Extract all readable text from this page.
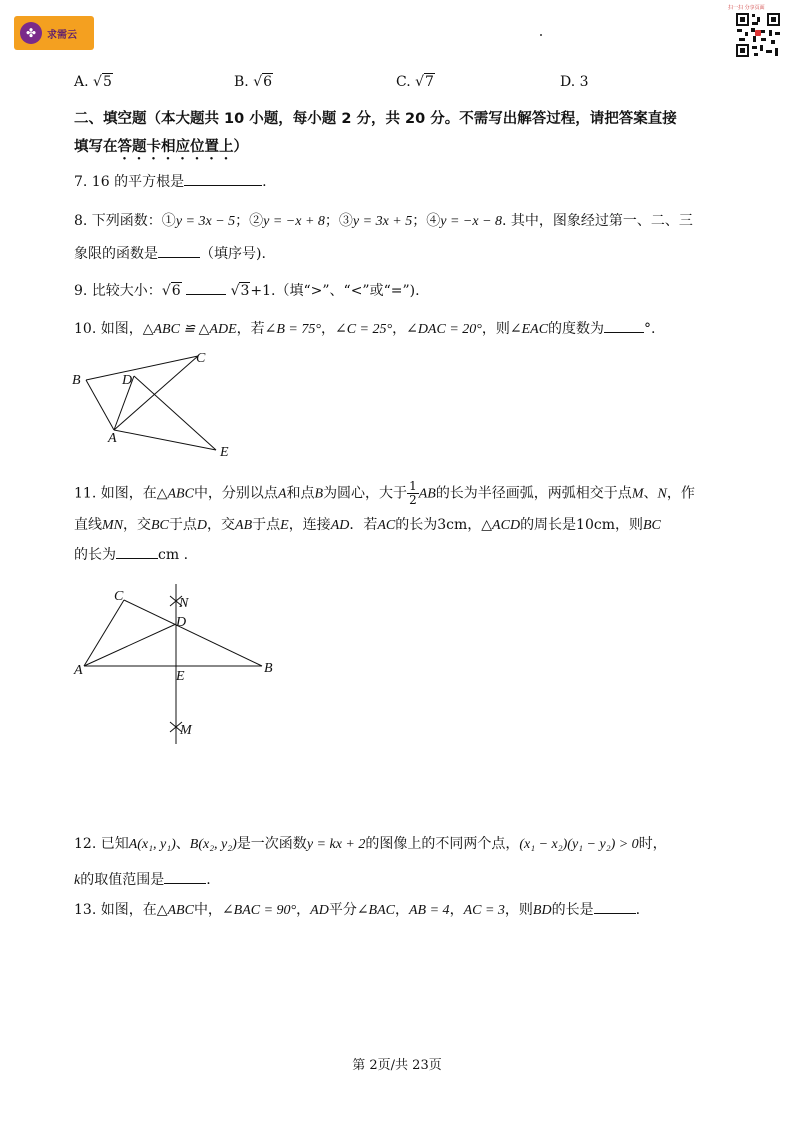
✤	求需云
扫一扫 分享页面
A. √5	B. √6	C. √7	D. 3
二、填空题（本大题共 10 小题，每小题 2 分，共 20 分。不需写出解答过程，请把答案直接
填写在答题卡相应位置上）
7. 16 的平方根是	.
8. 下列函数：①y = 3x − 5；②y = −x + 8；③y = 3x + 5；④y = −x − 8. 其中，图象经过第一、二、三
象限的函数是	（填序号).
9. 比较大小：√6	√3+1.（填“>”、“<”或“=”).
10. 如图，△ABC ≌ △ADE，若∠B = 75°，∠C = 25°，∠DAC = 20°，则∠EAC的度数为	°.
B	D
C
A
E
11. 如图，在△ABC中，分别以点A和点B为圆心，大于 $\frac{1}{2}$ AB的长为半径画弧，两弧相交于点M、N，作
直线MN，交BC于点D，交AB于点E，连接AD．若AC的长为3cm，△ACD的周长是10cm，则BC
的长为	cm .
C	N
D
A	E
B
M
12. 已知A(x₁, y₁)、B(x₂, y₂)是一次函数y = kx + 2的图像上的不同两个点，(x₁ − x₂)(y₁ − y₂) > 0时，
k的取值范围是	.
13. 如图，在△ABC中，∠BAC = 90°，AD平分∠BAC，AB = 4，AC = 3，则BD的长是	.
第 2页/共 23页
